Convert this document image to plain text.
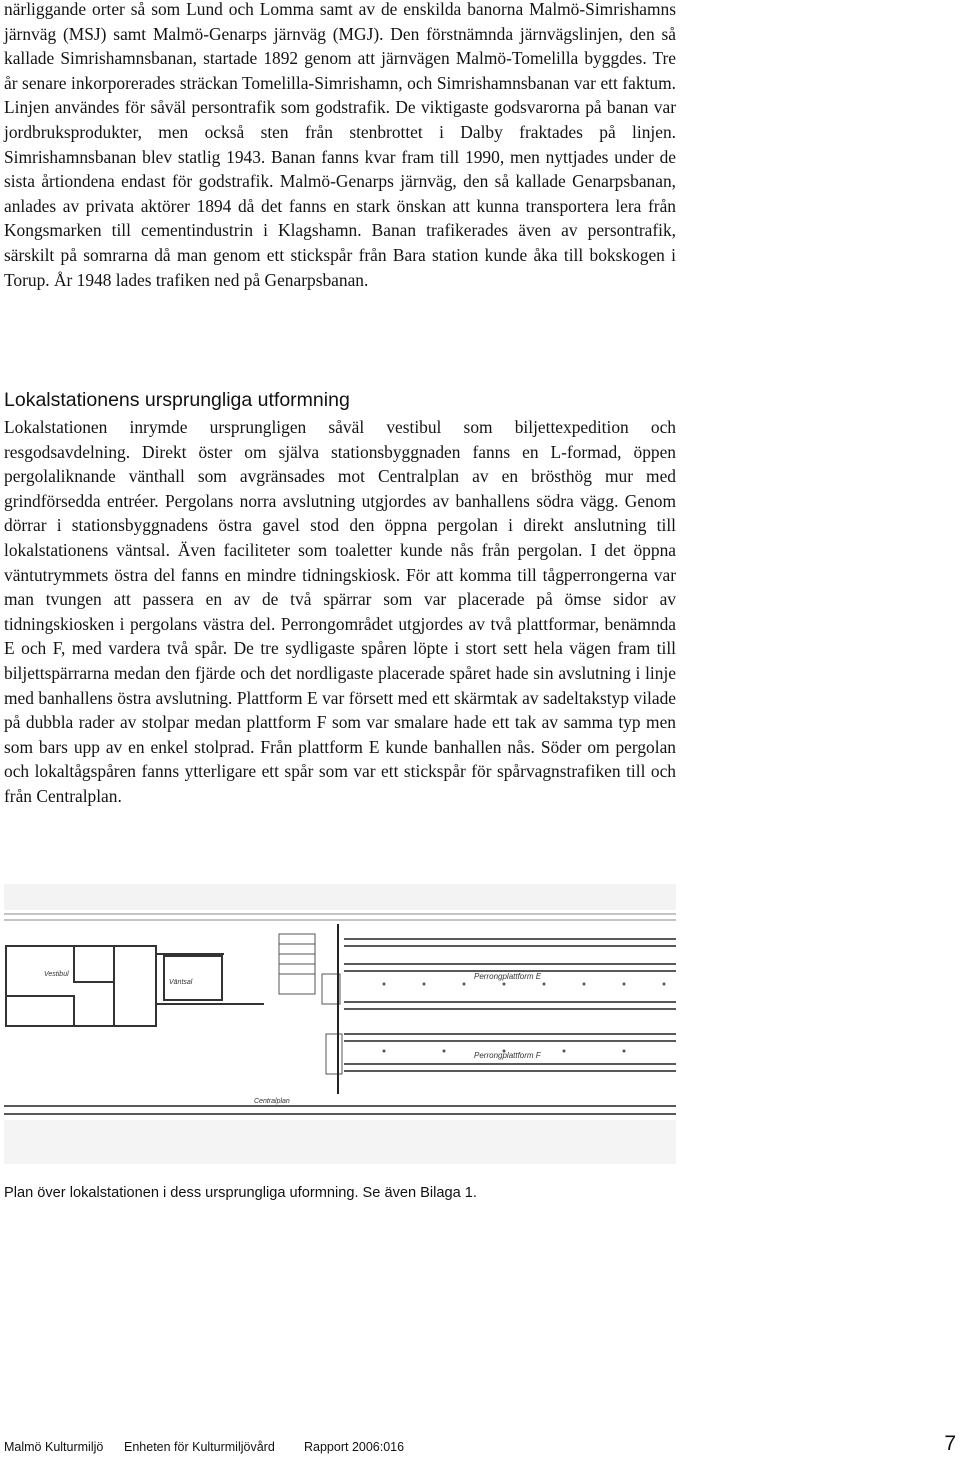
närliggande orter så som Lund och Lomma samt av de enskilda banorna Malmö-Simrishamns järnväg (MSJ) samt Malmö-Genarps järnväg (MGJ). Den förstnämnda järnvägslinjen, den så kallade Simrishamnsbanan, startade 1892 genom att järnvägen Malmö-Tomelilla byggdes. Tre år senare inkorporerades sträckan Tomelilla-Simrishamn, och Simrishamnsbanan var ett faktum. Linjen användes för såväl persontrafik som godstrafik. De viktigaste godsvarorna på banan var jordbruksprodukter, men också sten från stenbrottet i Dalby fraktades på linjen. Simrishamnsbanan blev statlig 1943. Banan fanns kvar fram till 1990, men nyttjades under de sista årtiondena endast för godstrafik. Malmö-Genarps järnväg, den så kallade Genarpsbanan, anlades av privata aktörer 1894 då det fanns en stark önskan att kunna transportera lera från Kongsmarken till cementindustrin i Klagshamn. Banan trafikerades även av persontrafik, särskilt på somrarna då man genom ett stickspår från Bara station kunde åka till bokskogen i Torup. År 1948 lades trafiken ned på Genarpsbanan.

Lokalstationens ursprungliga utformning

Lokalstationen inrymde ursprungligen såväl vestibul som biljettexpedition och resgodsavdelning. Direkt öster om själva stationsbyggnaden fanns en L-formad, öppen pergolaliknande vänthall som avgränsades mot Centralplan av en brösthög mur med grindförsedda entréer. Pergolans norra avslutning utgjordes av banhallens södra vägg. Genom dörrar i stationsbyggnadens östra gavel stod den öppna pergolan i direkt anslutning till lokalstationens väntsal. Även faciliteter som toaletter kunde nås från pergolan. I det öppna väntutrymmets östra del fanns en mindre tidningskiosk. För att komma till tågperrongerna var man tvungen att passera en av de två spärrar som var placerade på ömse sidor av tidningskiosken i pergolans västra del. Perrongområdet utgjordes av två plattformar, benämnda E och F, med vardera två spår. De tre sydligaste spåren löpte i stort sett hela vägen fram till biljettspärrarna medan den fjärde och det nordligaste placerade spåret hade sin avslutning i linje med banhallens östra avslutning. Plattform E var försett med ett skärmtak av sadeltakstyp vilade på dubbla rader av stolpar medan plattform F som var smalare hade ett tak av samma typ men som bars upp av en enkel stolprad. Från plattform E kunde banhallen nås. Söder om pergolan och lokaltågspåren fanns ytterligare ett spår som var ett stickspår för spårvagnstrafiken till och från Centralplan.

Perrongplattform E
Perrongplattform F
Vestibul
Väntsal
Centralplan

Plan över lokalstationen i dess ursprungliga uformning. Se även Bilaga 1.

Malmö Kulturmiljö Enheten för Kulturmiljövård Rapport 2006:016	7
